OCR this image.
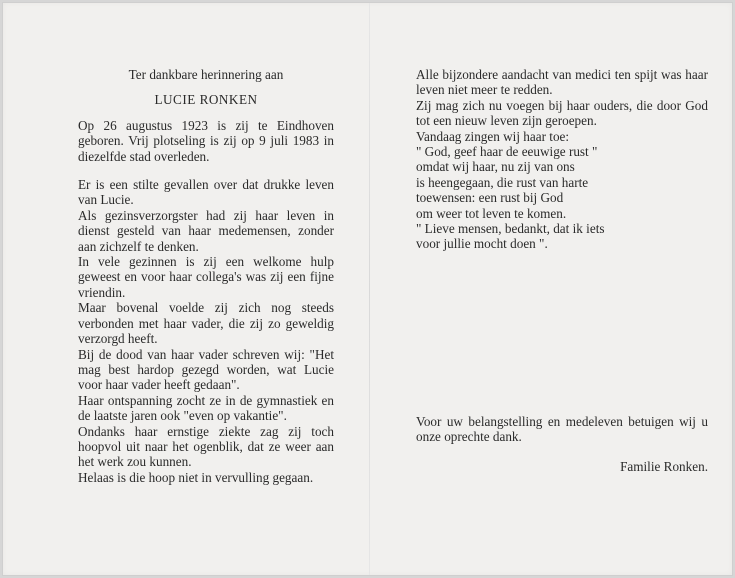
Ter dankbare herinnering aan

LUCIE RONKEN

Op 26 augustus 1923 is zij te Eindhoven geboren. Vrij plotseling is zij op 9 juli 1983 in diezelfde stad overleden.

Er is een stilte gevallen over dat drukke leven van Lucie.

Als gezinsverzorgster had zij haar leven in dienst gesteld van haar medemensen, zonder aan zichzelf te denken.

In vele gezinnen is zij een welkome hulp geweest en voor haar collega's was zij een fijne vriendin.

Maar bovenal voelde zij zich nog steeds verbonden met haar vader, die zij zo geweldig verzorgd heeft.

Bij de dood van haar vader schreven wij: "Het mag best hardop gezegd worden, wat Lucie voor haar vader heeft gedaan".

Haar ontspanning zocht ze in de gymnastiek en de laatste jaren ook "even op vakantie".

Ondanks haar ernstige ziekte zag zij toch hoopvol uit naar het ogenblik, dat ze weer aan het werk zou kunnen.

Helaas is die hoop niet in vervulling gegaan.

Alle bijzondere aandacht van medici ten spijt was haar leven niet meer te redden.

Zij mag zich nu voegen bij haar ouders, die door God tot een nieuw leven zijn geroepen.

Vandaag zingen wij haar toe:

" God, geef haar de eeuwige rust "
omdat wij haar, nu zij van ons
is heengegaan, die rust van harte
toewensen: een rust bij God
om weer tot leven te komen.
" Lieve mensen, bedankt, dat ik iets
voor jullie mocht doen ".

Voor uw belangstelling en medeleven betuigen wij u onze oprechte dank.

Familie Ronken.
